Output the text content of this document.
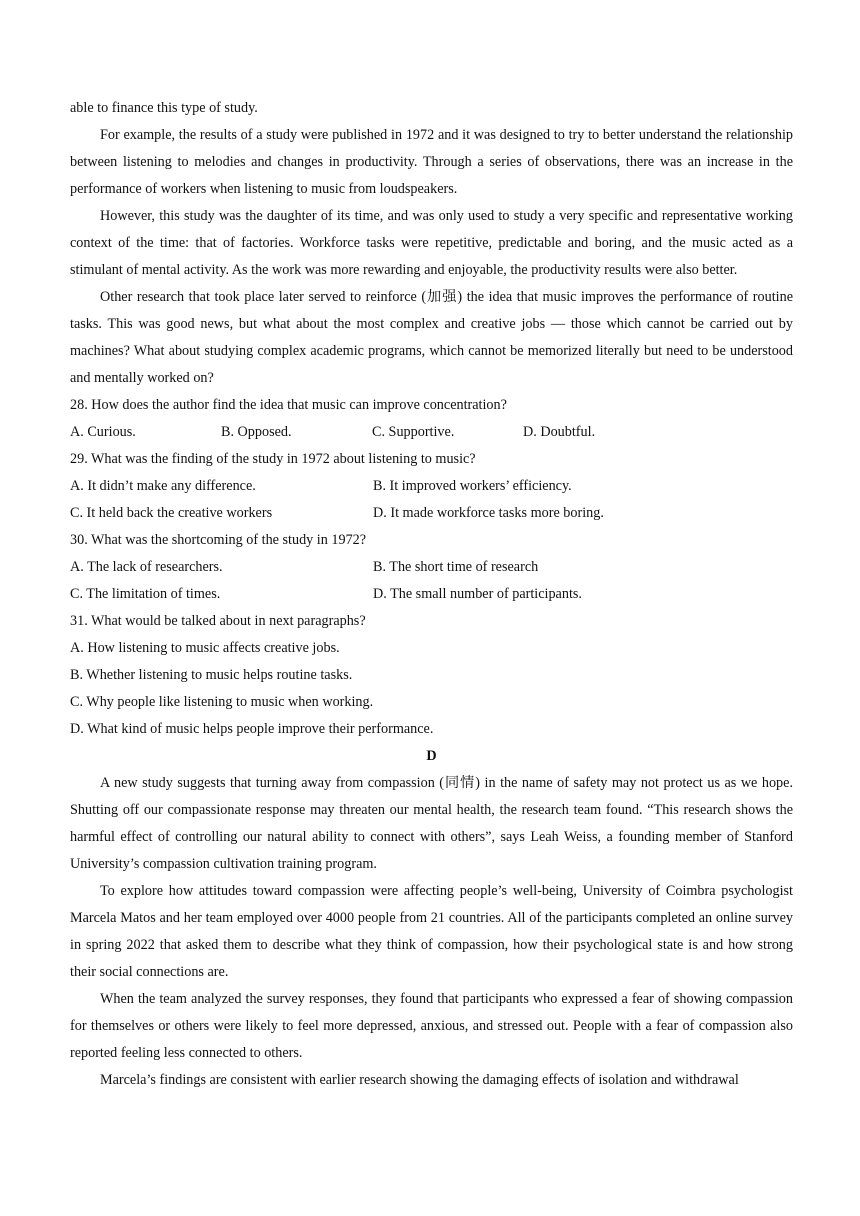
able to finance this type of study.

For example, the results of a study were published in 1972 and it was designed to try to better understand the relationship between listening to melodies and changes in productivity. Through a series of observations, there was an increase in the performance of workers when listening to music from loudspeakers.

However, this study was the daughter of its time, and was only used to study a very specific and representative working context of the time: that of factories. Workforce tasks were repetitive, predictable and boring, and the music acted as a stimulant of mental activity. As the work was more rewarding and enjoyable, the productivity results were also better.

Other research that took place later served to reinforce (加强) the idea that music improves the performance of routine tasks. This was good news, but what about the most complex and creative jobs — those which cannot be carried out by machines? What about studying complex academic programs, which cannot be memorized literally but need to be understood and mentally worked on?

28. How does the author find the idea that music can improve concentration?

A. Curious.	B. Opposed.	C. Supportive.	D. Doubtful.

29. What was the finding of the study in 1972 about listening to music?

A. It didn’t make any difference.	B. It improved workers’ efficiency.
C. It held back the creative workers	D. It made workforce tasks more boring.

30. What was the shortcoming of the study in 1972?

A. The lack of researchers.	B. The short time of research
C. The limitation of times.	D. The small number of participants.

31. What would be talked about in next paragraphs?

A. How listening to music affects creative jobs.

B. Whether listening to music helps routine tasks.

C. Why people like listening to music when working.

D. What kind of music helps people improve their performance.

D

A new study suggests that turning away from compassion (同情) in the name of safety may not protect us as we hope. Shutting off our compassionate response may threaten our mental health, the research team found. “This research shows the harmful effect of controlling our natural ability to connect with others”, says Leah Weiss, a founding member of Stanford University’s compassion cultivation training program.

To explore how attitudes toward compassion were affecting people’s well-being, University of Coimbra psychologist Marcela Matos and her team employed over 4000 people from 21 countries. All of the participants completed an online survey in spring 2022 that asked them to describe what they think of compassion, how their psychological state is and how strong their social connections are.

When the team analyzed the survey responses, they found that participants who expressed a fear of showing compassion for themselves or others were likely to feel more depressed, anxious, and stressed out. People with a fear of compassion also reported feeling less connected to others.

Marcela’s findings are consistent with earlier research showing the damaging effects of isolation and withdrawal
